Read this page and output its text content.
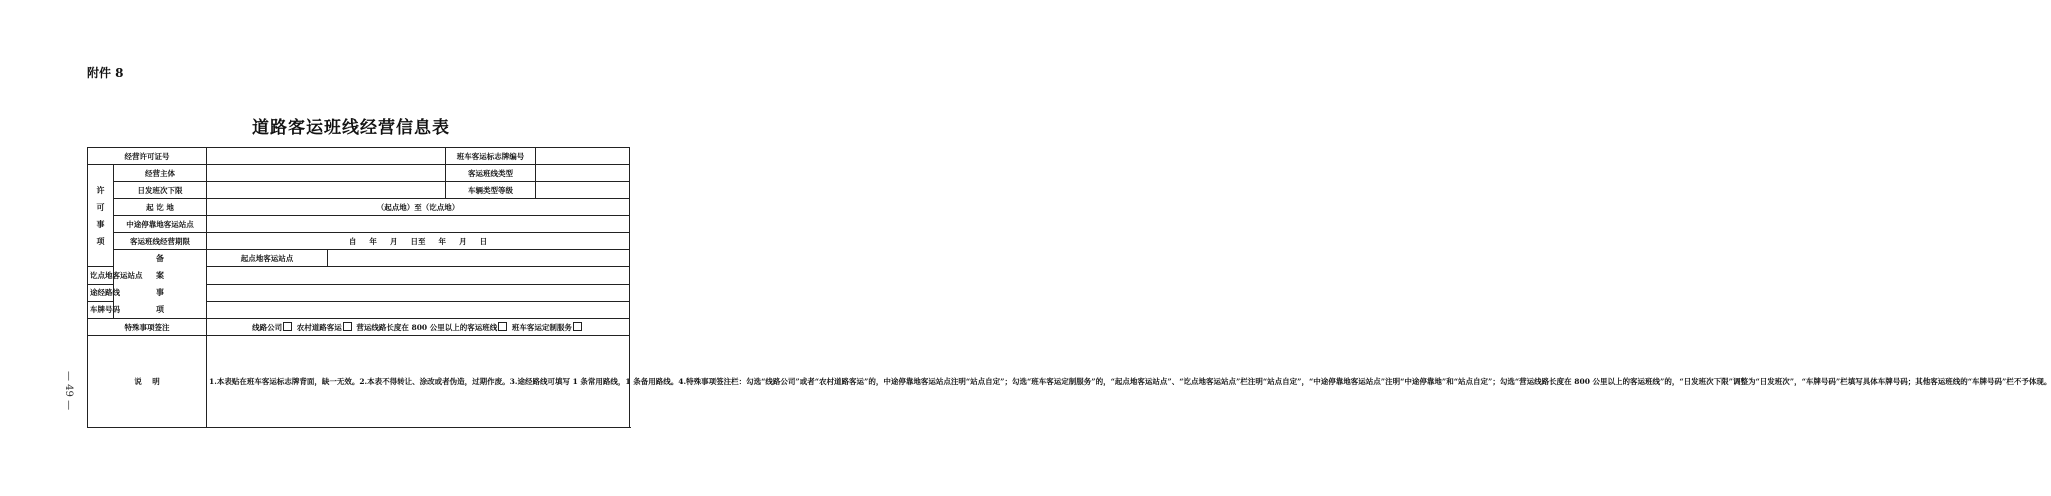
附件 8
道路客运班线经营信息表
— 49 —
经营许可证号				班车客运标志牌编号		

许
可
事
项	经营主体			客运班线类型		
	日发班次下限			车辆类型等级		
	起 讫 地	（起点地）至（讫点地）				
	中途停靠地客运站点					
	客运班线经营期限	自     年     月     日至     年     月     日				

	备
案
事
项	起点地客运站点				
讫点地客运站点						
途经路线						
车牌号码						
特殊事项签注		线路公司 农村道路客运 营运线路长度在 800 公里以上的客运班线 班车客运定制服务				
说    明		1.本表贴在班车客运标志牌背面，缺一无效。2.本表不得转让、涂改或者伪造，过期作废。3.途经路线可填写 1 条常用路线，1 条备用路线。4.特殊事项签注栏：勾选“线路公司”或者“农村道路客运”的，中途停靠地客运站点注明“站点自定”；勾选“班车客运定制服务”的，“起点地客运站点”、“讫点地客运站点”栏注明“站点自定”，“中途停靠地客运站点”注明“中途停靠地”和“站点自定”；勾选“营运线路长度在 800 公里以上的客运班线”的，“日发班次下限”调整为“日发班次”，“车牌号码”栏填写具体车牌号码；其他客运班线的“车牌号码”栏不予体现。				
